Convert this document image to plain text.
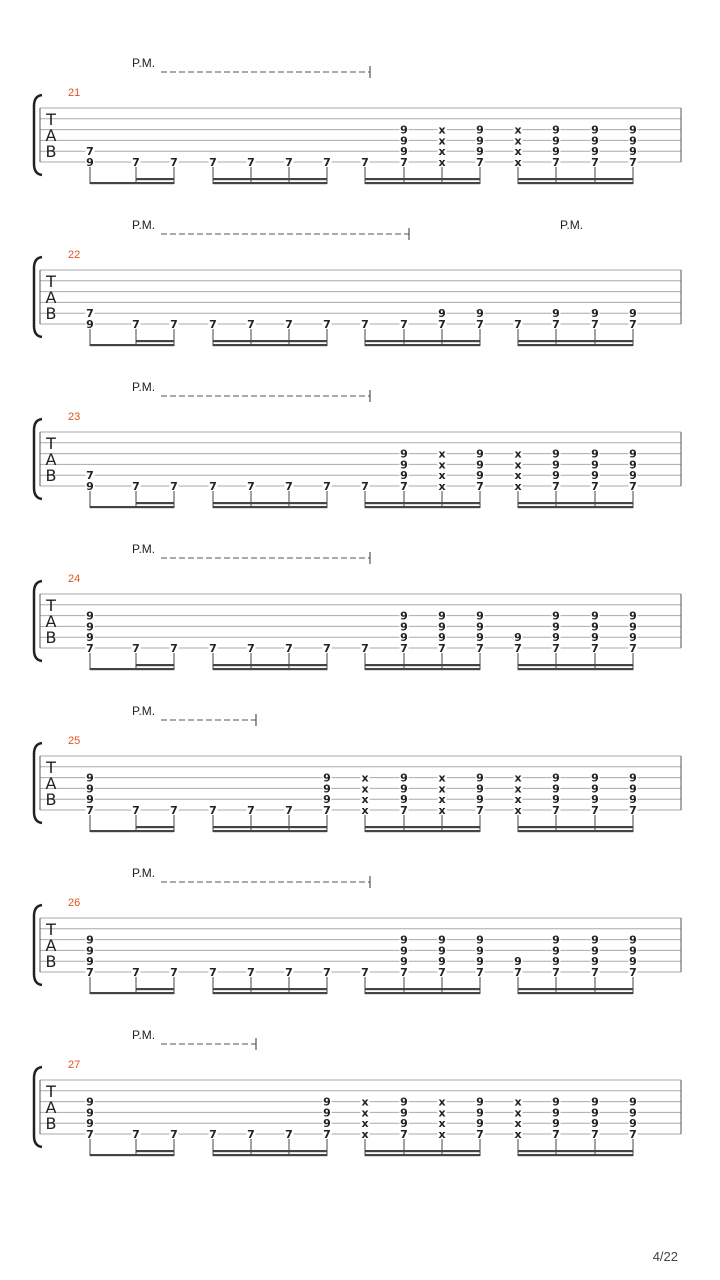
P.M.
21
T
A
B
9
7
7	7	7	7	7	7	7	7
9
9
9
x
x
x
x
7
9
9
9
x
x
x
x
7
9
9
9
7
9
9
9
7
9
9
9
P.M.	P.M.
22
T
A
B
9
7
7	7	7	7	7	7	7	7	7
9
7
9
7	7
9
7
9
7
9
P.M.
23
T
A
B
9
7
7	7	7	7	7	7	7	7
9
9
9
x
x
x
x
7
9
9
9
x
x
x
x
7
9
9
9
7
9
9
9
7
9
9
9
P.M.
24
T
A
B
7
9
9
9
7	7	7	7	7	7	7	7
9
9
9
7
9
9
9
7
9
9
9
7
9
7
9
9
9
7
9
9
9
7
9
9
9
P.M.
25
T
A
B
7
9
9
9
7	7	7	7	7	7
9
9
9
x
x
x
x
7
9
9
9
x
x
x
x
7
9
9
9
x
x
x
x
7
9
9
9
7
9
9
9
7
9
9
9
P.M.
26
T
A
B
7
9
9
9
7	7	7	7	7	7	7	7
9
9
9
7
9
9
9
7
9
9
9
7
9
7
9
9
9
7
9
9
9
7
9
9
9
P.M.
27
T
A
B
7
9
9
9
7	7	7	7	7	7
9
9
9
x
x
x
x
7
9
9
9
x
x
x
x
7
9
9
9
x
x
x
x
7
9
9
9
7
9
9
9
7
9
9
9
4/22
